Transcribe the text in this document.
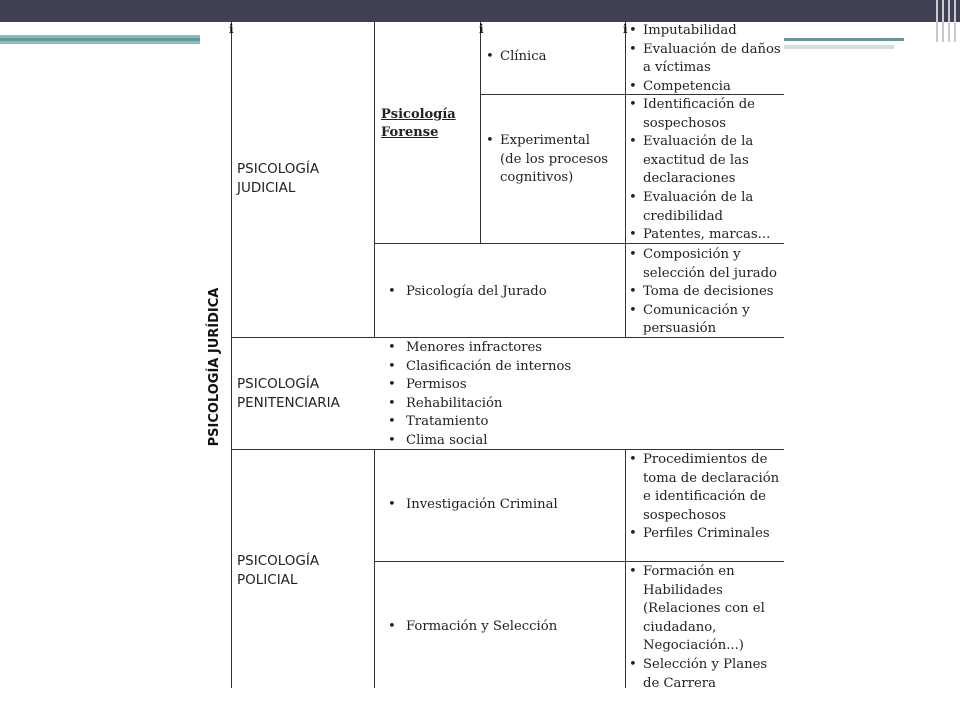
i	i	i
PSICOLOGÍA JURÍDICA
PSICOLOGÍA JUDICIAL
Psicología Forense
• Clínica
• Imputabilidad
• Evaluación de daños a víctimas
• Competencia
• Experimental (de los procesos cognitivos)
• Identificación de sospechosos
• Evaluación de la exactitud de las declaraciones
• Evaluación de la credibilidad
• Patentes, marcas...
• Psicología del Jurado
• Composición y selección del jurado
• Toma de decisiones
• Comunicación y persuasión
PSICOLOGÍA PENITENCIARIA
• Menores infractores
• Clasificación de internos
• Permisos
• Rehabilitación
• Tratamiento
• Clima social
PSICOLOGÍA POLICIAL
• Investigación Criminal
• Procedimientos de toma de declaración e identificación de sospechosos
• Perfiles Criminales
• Formación y Selección
• Formación en Habilidades (Relaciones con el ciudadano, Negociación...)
• Selección y Planes de Carrera
